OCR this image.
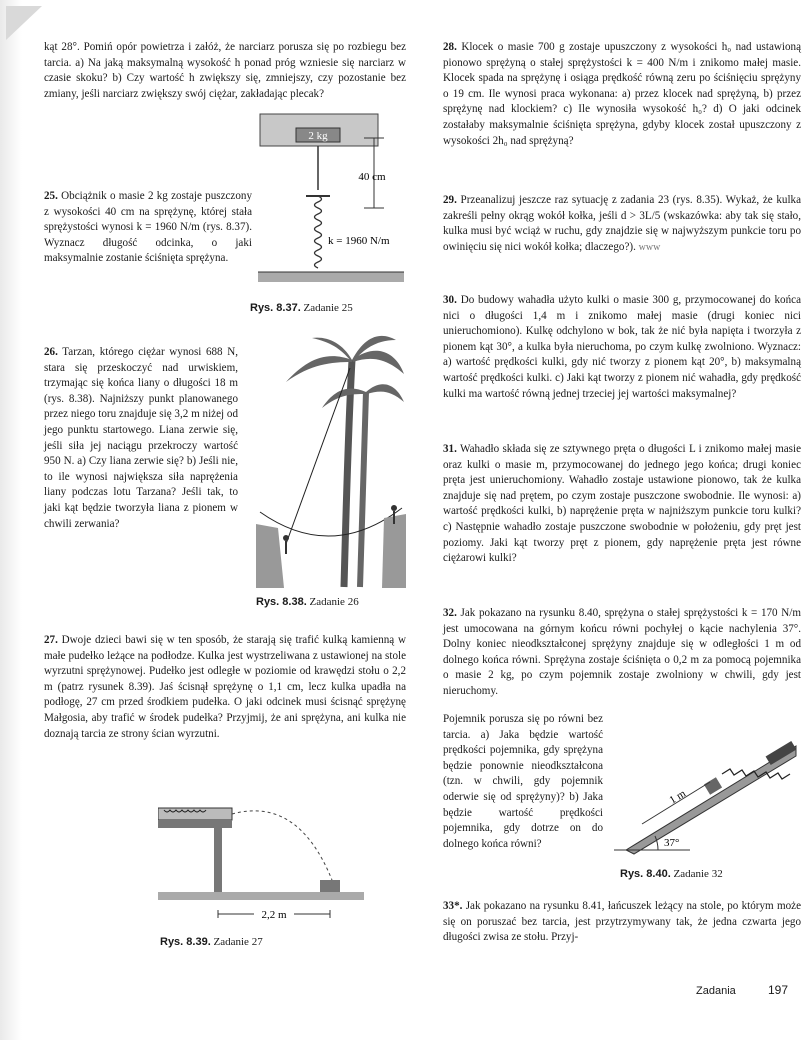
kąt 28°. Pomiń opór powietrza i załóż, że narciarz porusza się po rozbiegu bez tarcia. a) Na jaką maksymalną wysokość h ponad próg wzniesie się narciarz w czasie skoku? b) Czy wartość h zwiększy się, zmniejszy, czy pozostanie bez zmiany, jeśli narciarz zwiększy swój ciężar, zakładając plecak?

25. Obciążnik o masie 2 kg zostaje puszczony z wysokości 40 cm na sprężynę, której stała sprężystości wynosi k = 1960 N/m (rys. 8.37). Wyznacz długość odcinka, o jaki maksymalnie zostanie ściśnięta sprężyna.

2 kg
40 cm
k = 1960 N/m
Rys. 8.37. Zadanie 25

26. Tarzan, którego ciężar wynosi 688 N, stara się przeskoczyć nad urwiskiem, trzymając się końca liany o długości 18 m (rys. 8.38). Najniższy punkt planowanego przez niego toru znajduje się 3,2 m niżej od jego punktu startowego. Liana zerwie się, jeśli siła jej naciągu przekroczy wartość 950 N. a) Czy liana zerwie się? b) Jeśli nie, to ile wynosi największa siła naprężenia liany podczas lotu Tarzana? Jeśli tak, to jaki kąt będzie tworzyła liana z pionem w chwili zerwania?

Rys. 8.38. Zadanie 26

27. Dwoje dzieci bawi się w ten sposób, że starają się trafić kulką kamienną w małe pudełko leżące na podłodze. Kulka jest wystrzeliwana z ustawionej na stole wyrzutni sprężynowej. Pudełko jest odległe w poziomie od krawędzi stołu o 2,2 m (patrz rysunek 8.39). Jaś ścisnął sprężynę o 1,1 cm, lecz kulka upadła na podłogę, 27 cm przed środkiem pudełka. O jaki odcinek musi ścisnąć sprężynę Małgosia, aby trafić w środek pudełka? Przyjmij, że ani sprężyna, ani kulka nie doznają tarcia ze strony ścian wyrzutni.

2,2 m
Rys. 8.39. Zadanie 27

28. Klocek o masie 700 g zostaje upuszczony z wysokości h₀ nad ustawioną pionowo sprężyną o stałej sprężystości k = 400 N/m i znikomo małej masie. Klocek spada na sprężynę i osiąga prędkość równą zeru po ściśnięciu sprężyny o 19 cm. Ile wynosi praca wykonana: a) przez klocek nad sprężyną, b) przez sprężynę nad klockiem? c) Ile wynosiła wysokość h₀? d) O jaki odcinek zostałaby maksymalnie ściśnięta sprężyna, gdyby klocek został upuszczony z wysokości 2h₀ nad sprężyną?

29. Przeanalizuj jeszcze raz sytuację z zadania 23 (rys. 8.35). Wykaż, że kulka zakreśli pełny okrąg wokół kołka, jeśli d > 3L/5 (wskazówka: aby tak się stało, kulka musi być wciąż w ruchu, gdy znajdzie się w najwyższym punkcie toru po owinięciu się nici wokół kołka; dlaczego?). www

30. Do budowy wahadła użyto kulki o masie 300 g, przymocowanej do końca nici o długości 1,4 m i znikomo małej masie (drugi koniec nici unieruchomiono). Kulkę odchylono w bok, tak że nić była napięta i tworzyła z pionem kąt 30°, a kulka była nieruchoma, po czym kulkę zwolniono. Wyznacz: a) wartość prędkości kulki, gdy nić tworzy z pionem kąt 20°, b) maksymalną wartość prędkości kulki. c) Jaki kąt tworzy z pionem nić wahadła, gdy prędkość kulki ma wartość równą jednej trzeciej jej wartości maksymalnej?

31. Wahadło składa się ze sztywnego pręta o długości L i znikomo małej masie oraz kulki o masie m, przymocowanej do jednego jego końca; drugi koniec pręta jest unieruchomiony. Wahadło zostaje ustawione pionowo, tak że kulka znajduje się nad prętem, po czym zostaje puszczone swobodnie. Ile wynosi: a) wartość prędkości kulki, b) naprężenie pręta w najniższym punkcie toru kulki? c) Następnie wahadło zostaje puszczone swobodnie w położeniu, gdy pręt jest poziomy. Jaki kąt tworzy pręt z pionem, gdy naprężenie pręta jest równe ciężarowi kulki?

32. Jak pokazano na rysunku 8.40, sprężyna o stałej sprężystości k = 170 N/m jest umocowana na górnym końcu równi pochyłej o kącie nachylenia 37°. Dolny koniec nieodkształconej sprężyny znajduje się w odległości 1 m od dolnego końca równi. Sprężyna zostaje ściśnięta o 0,2 m za pomocą pojemnika o masie 2 kg, po czym pojemnik zostaje zwolniony w chwili, gdy jest nieruchomy.

Pojemnik porusza się po równi bez tarcia. a) Jaka będzie wartość prędkości pojemnika, gdy sprężyna będzie ponownie nieodkształcona (tzn. w chwili, gdy pojemnik oderwie się od sprężyny)? b) Jaka będzie wartość prędkości pojemnika, gdy dotrze on do dolnego końca równi?	37°
1 m
Rys. 8.40. Zadanie 32

33*. Jak pokazano na rysunku 8.41, łańcuszek leżący na stole, po którym może się on poruszać bez tarcia, jest przytrzymywany tak, że jedna czwarta jego długości zwisa ze stołu. Przyj-

Zadania	197
